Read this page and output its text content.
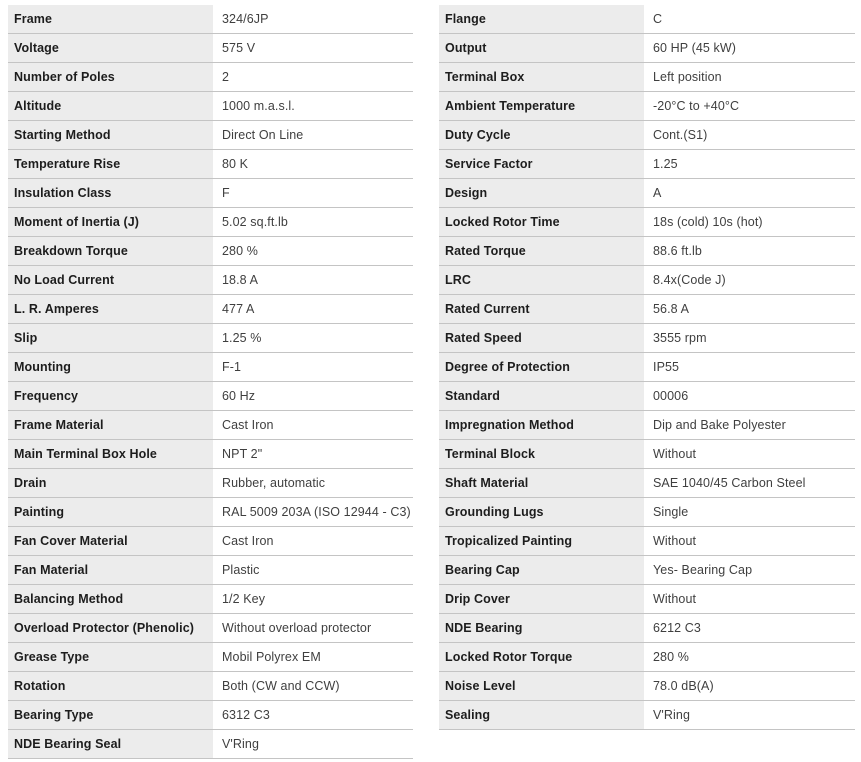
Frame	324/6JP
Voltage	575 V
Number of Poles	2
Altitude	1000 m.a.s.l.
Starting Method	Direct On Line
Temperature Rise	80 K
Insulation Class	F
Moment of Inertia (J)	5.02 sq.ft.lb
Breakdown Torque	280 %
No Load Current	18.8 A
L. R. Amperes	477 A
Slip	1.25 %
Mounting	F-1
Frequency	60 Hz
Frame Material	Cast Iron
Main Terminal Box Hole	NPT 2"
Drain	Rubber, automatic
Painting	RAL 5009 203A (ISO 12944 - C3)
Fan Cover Material	Cast Iron
Fan Material	Plastic
Balancing Method	1/2 Key
Overload Protector (Phenolic)	Without overload protector
Grease Type	Mobil Polyrex EM
Rotation	Both (CW and CCW)
Bearing Type	6312 C3
NDE Bearing Seal	V'Ring
Flange	C
Output	60 HP (45 kW)
Terminal Box	Left position
Ambient Temperature	-20°C to +40°C
Duty Cycle	Cont.(S1)
Service Factor	1.25
Design	A
Locked Rotor Time	18s (cold) 10s (hot)
Rated Torque	88.6 ft.lb
LRC	8.4x(Code J)
Rated Current	56.8 A
Rated Speed	3555 rpm
Degree of Protection	IP55
Standard	00006
Impregnation Method	Dip and Bake Polyester
Terminal Block	Without
Shaft Material	SAE 1040/45 Carbon Steel
Grounding Lugs	Single
Tropicalized Painting	Without
Bearing Cap	Yes- Bearing Cap
Drip Cover	Without
NDE Bearing	6212 C3
Locked Rotor Torque	280 %
Noise Level	78.0 dB(A)
Sealing	V'Ring
